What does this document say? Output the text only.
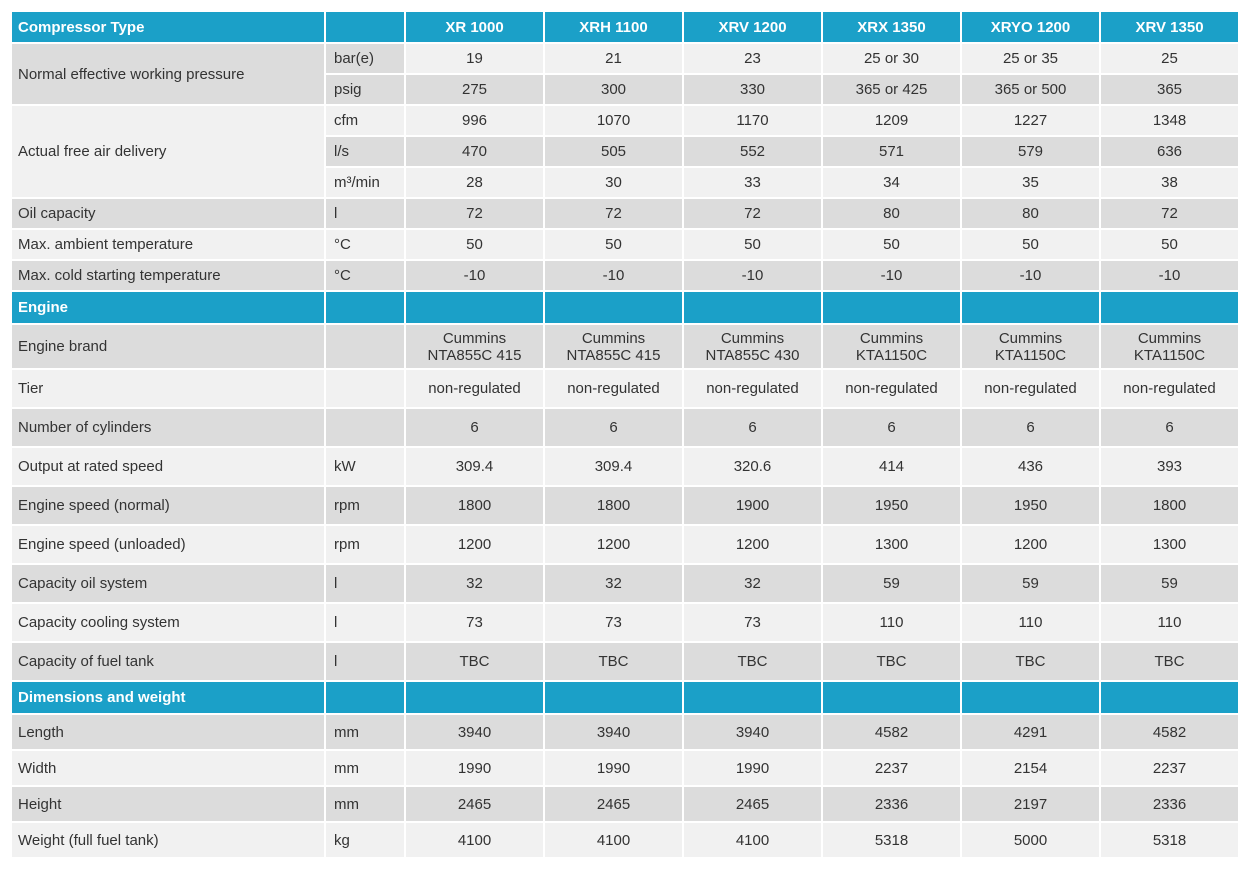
Compressor Type		XR 1000	XRH 1100	XRV 1200	XRX 1350	XRYO 1200	XRV 1350
Normal effective working pressure	bar(e)	19	21	23	25 or 30	25 or 35	25
	psig	275	300	330	365 or 425	365 or 500	365
Actual free air delivery	cfm	996	1070	1170	1209	1227	1348
	l/s	470	505	552	571	579	636
	m³/min	28	30	33	34	35	38
Oil capacity	l	72	72	72	80	80	72
Max. ambient temperature	°C	50	50	50	50	50	50
Max. cold starting temperature	°C	-10	-10	-10	-10	-10	-10
Engine							
Engine brand		Cummins NTA855C 415	Cummins NTA855C 415	Cummins NTA855C 430	Cummins KTA1150C	Cummins KTA1150C	Cummins KTA1150C
Tier		non-regulated	non-regulated	non-regulated	non-regulated	non-regulated	non-regulated
Number of cylinders		6	6	6	6	6	6
Output at rated speed	kW	309.4	309.4	320.6	414	436	393
Engine speed (normal)	rpm	1800	1800	1900	1950	1950	1800
Engine speed (unloaded)	rpm	1200	1200	1200	1300	1200	1300
Capacity oil system	l	32	32	32	59	59	59
Capacity cooling system	l	73	73	73	110	110	110
Capacity of fuel tank	l	TBC	TBC	TBC	TBC	TBC	TBC
Dimensions and weight							
Length	mm	3940	3940	3940	4582	4291	4582
Width	mm	1990	1990	1990	2237	2154	2237
Height	mm	2465	2465	2465	2336	2197	2336
Weight (full fuel tank)	kg	4100	4100	4100	5318	5000	5318
